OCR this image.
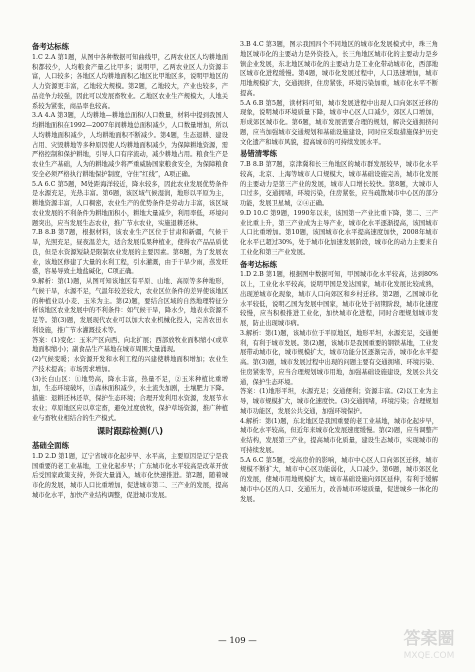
备考达标练

1.C 2.A 第1题，从图中各种数据可知曲线甲，乙两农业区人均耕地面积都较少，人均粮食产量乙比甲多；说明甲，乙两农业区人力资源丰富，人口较多；各地区人均耕地面积乙地区比甲地区多，说明甲地区的人力资源更丰富，乙地较大规模。第2题，乙地较大，产业也较多，产品竞争力较强，因此可以发展畜牧业。乙地区农业生产规模大，人地关系较为紧张，商品率也较高。

3.A 4.A 第3题，人均耕地—耕地总面积/人口数量，材料中提到我国人均耕地面积在1992—2007年间耕地总面积减少，人口数量增加，所以人均耕地面积减少，人均耕地面积不断减少。第4题，生态退耕、建设占用、灾毁耕地等多种原因使人均耕地面积减少，为保障耕地资源，需严格控制和保护耕地，引导人口有序流动，减少耕地占用。粮食生产是农业生产基础，人为的耕地减少将严重威胁国家粮食安全，为保障粮食安全必须严格执行耕地保护制度，守住“红线”，A项正确。

5.A 6.C 第5题，M处距海洋较近，降水较多，因此农业发展优势条件是水源充足，光热丰富。第6题，该区域气候湿润，地形以平原为主，耕地资源丰富，人口稠密，农业生产的优势条件是劳动力丰富，该区域农业发展的不利条件为耕地面积小，耕地大量减少，利用率低，环境问题突出，应当发展生态农业，推广节水农业，实施退耕还林。

7.B 8.B 第7题，根据材料，该农业生产区位于甘肃和新疆，气候干旱，光照充足，昼夜温差大，适合发展瓜果种植业，使得农产品品质优良，但是水资源短缺是限制农业发展的主要因素。第8题，为了发展农业，该地区修建了大量的水利工程，引水灌溉，由于干旱少雨，蒸发旺盛，容易导致土地盐碱化，C项正确。

9.解析：第(1)题，从图可知该地区有平原、山地、高原等多种地形，气候干旱，水源不足，气温年较差较大，农业区位条件的差异使该地区的种植业以小麦、玉米为主。第(2)题，要结合区域的自然地理特征分析该地区农业发展中的不利条件：如气候干旱，降水少，地表水资源不足等。第(3)题，发展现代农业可以加大农业机械化投入，完善农田水利设施，推广节水灌溉技术等。

答案：(1)变化：玉米产区向西、向北扩展；西部放牧业面积缩小(或草地面积缩小)；副食品生产基地在城市周围大量涌现。

(2)气候变暖；水资源开发和水利工程的兴建使耕地面积增加；农业生产技术提高；市场需求增加。

(3)长白山区：①地势高，降水丰富，热量不足，②玉米种植比重增加，生态环境破坏，③森林面积减少，水土流失加剧，土壤肥力下降。措施：退耕还林还草，保护生态环境；合理开发利用水资源，发展节水农业；草原地区应以草定畜，避免过度放牧，保护草场资源，推广种植业与畜牧业相结合的生产模式。

课时跟踪检测(八)
基础全面练

1.D 2.D 第1题，辽宁省城市化起步早、水平高，主要原因是辽宁是我国重要的老工业基地，工业化起步早；广东城市化水平较高是改革开放后受国家政策支持，外资大量涌入，城市化快速推进。第2题，随着城市化的发展，城市人口比重增加，促进城市第二、三产业的发展，提高城市化水平，加快产业结构调整，促进城市发展。

3.B 4.C 第3题，图示我国四个不同地区的城市化发展模式中，珠三角地区城市化的主要动力是外资投入，长三角地区城市化的主要动力是乡镇企业发展，东北地区城市化的主要动力是工业化带动城市化，西部地区城市化进程缓慢。第4题，城市化发展过程中，人口迅速增加，城市用地规模扩大，交通拥挤，住房紧张，环境污染加重，城市化水平不断提高。

5.A 6.B 第5题，读材料可知，城市发展进程中出现人口向郊区迁移的现象，说明城市环境质量下降，城市中心区人口减少，郊区人口增加，形成郊区城市化。第6题，城市发展需要合理的规划，解决交通拥挤问题，应当加强城市交通规划和基础设施建设，同时应采取措施保护历史文化遗产和城市风貌，提高城市的可持续发展水平。

易错清零练

7.B 8.B 第7题，京津冀和长三角地区的城市群发展较早，城市化水平较高，北京、上海等城市人口规模大，城市基础设施完善，城市化发展的主要动力是第三产业的发展，城市人口增长较快。第8题，大城市人口过多，交通拥堵，环境污染，住房紧张，应当疏散城市中心区的部分功能，发展卫星城，②④正确。

9.D 10.C 第9题，1990年以来，该国第一产业比重下降，第二、三产业比重上升，第三产业成为主导产业，城市化水平逐渐提高，该国城市人口比重增加。第10题，该国城市化水平提高速度加快，2008年城市化水平已超过30%，处于城市化加速发展阶段，城市化的动力主要来自工业化和第三产业发展。

备考达标练

1.D 2.B 第1题，根据图中数据可知，甲国城市化水平较高，达到80%以上，工业化水平较高，说明甲国是发达国家，城市化发展比较成熟，出现逆城市化现象，城市人口向郊区和乡村迁移。第2题，乙国城市化水平较低，说明乙国为发展中国家，城市化处于初期阶段，城市化速度较慢，应当积极推进工业化，加快城市化进程，同时合理规划城市发展，防止出现城市病。

3.解析：第(1)题，该城市位于平原地区，地形平坦，水源充足，交通便利，有利于城市发展。第(2)题，该城市是我国重要的钢铁基地，工业发展带动城市化，城市规模扩大，城市功能分区逐渐完善，城市化水平提高。第(3)题，城市发展过程中出现的问题主要有交通拥堵、环境污染、住房紧张等，应当合理规划城市用地，加强基础设施建设，发展公共交通，保护生态环境。

答案：(1)地形平坦，水源充足；交通便利；资源丰富。(2)以工业为主导，城市规模扩大，城市化速度快。(3)交通拥堵，环境污染；合理规划城市功能区，发展公共交通，加强环境保护。

4.解析：第(1)题，东北地区是我国重要的老工业基地，城市化起步早，城市化水平较高，但近年来城市化发展速度缓慢。第(2)题，应当调整产业结构，发展第三产业，提高城市化质量，建设生态城市，实现城市的可持续发展。

5.A 6.C 第5题，受高房价的影响，城市中心区人口向郊区迁移，城市规模不断扩大，城市中心区功能弱化，人口减少。第6题，城市郊区化的发展，使城市用地规模扩大，城市基础设施向郊区延伸，有利于缓解城市中心区的人口、交通压力，改善城市环境质量，促进城乡一体化的发展。

— 109 —	答案圈
MXQE.COM
